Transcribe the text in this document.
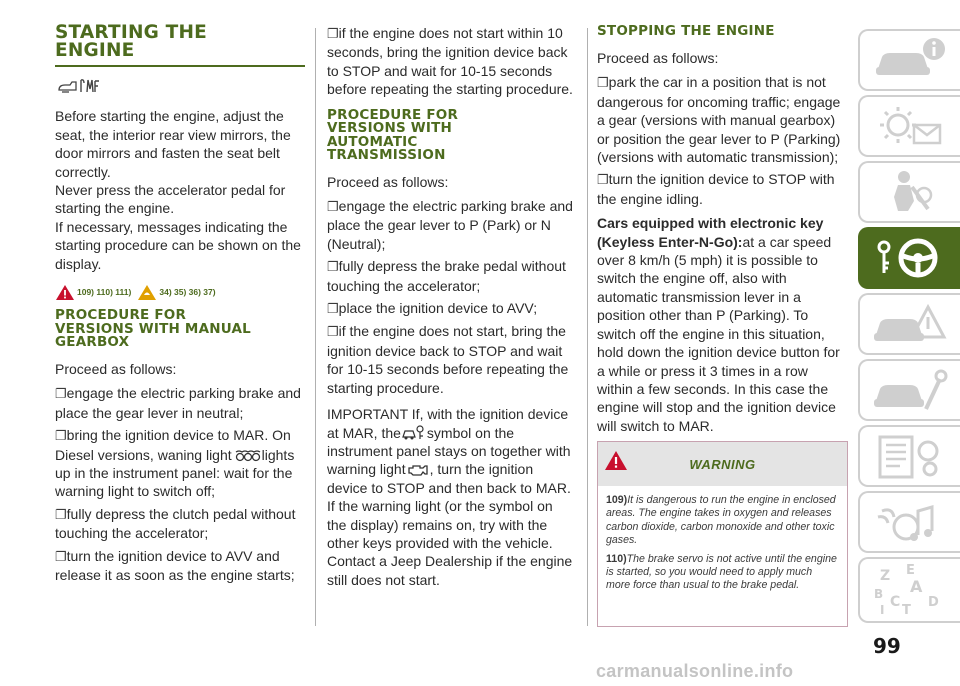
STARTING THE
ENGINE

Before starting the engine, adjust the seat, the interior rear view mirrors, the door mirrors and fasten the seat belt correctly.

Never press the accelerator pedal for starting the engine.

If necessary, messages indicating the starting procedure can be shown on the display.

109) 110) 111)	34) 35) 36) 37)
PROCEDURE FOR
VERSIONS WITH MANUAL
GEARBOX

Proceed as follows:

❐engage the electric parking brake and place the gear lever in neutral;

❐bring the ignition device to MAR. On Diesel versions, waning light lights up in the instrument panel: wait for the warning light to switch off;

❐fully depress the clutch pedal without touching the accelerator;

❐turn the ignition device to AVV and release it as soon as the engine starts;

❐if the engine does not start within 10 seconds, bring the ignition device back to STOP and wait for 10-15 seconds before repeating the starting procedure.

PROCEDURE FOR
VERSIONS WITH
AUTOMATIC
TRANSMISSION

Proceed as follows:

❐engage the electric parking brake and place the gear lever to P (Park) or N (Neutral);

❐fully depress the brake pedal without touching the accelerator;

❐place the ignition device to AVV;

❐if the engine does not start, bring the ignition device back to STOP and wait for 10-15 seconds before repeating the starting procedure.

IMPORTANT If, with the ignition device at MAR, the symbol on the instrument panel stays on together with warning light , turn the ignition device to STOP and then back to MAR. If the warning light (or the symbol on the display) remains on, try with the other keys provided with the vehicle. Contact a Jeep Dealership if the engine still does not start.

STOPPING THE ENGINE

Proceed as follows:

❐park the car in a position that is not dangerous for oncoming traffic; engage a gear (versions with manual gearbox) or position the gear lever to P (Parking) (versions with automatic transmission);

❐turn the ignition device to STOP with the engine idling.

Cars equipped with electronic key (Keyless Enter-N-Go):at a car speed over 8 km/h (5 mph) it is possible to switch the engine off, also with automatic transmission lever in a position other than P (Parking). To switch off the engine in this situation, hold down the ignition device button for a while or press it 3 times in a row within a few seconds. In this case the engine will stop and the ignition device will switch to MAR.

WARNING

109)It is dangerous to run the engine in enclosed areas. The engine takes in oxygen and releases carbon dioxide, carbon monoxide and other toxic gases.

110)The brake servo is not active until the engine is started, so you would need to apply much more force than usual to the brake pedal.

Z E
A
B C
T
D
I
99
carmanualsonline.info
